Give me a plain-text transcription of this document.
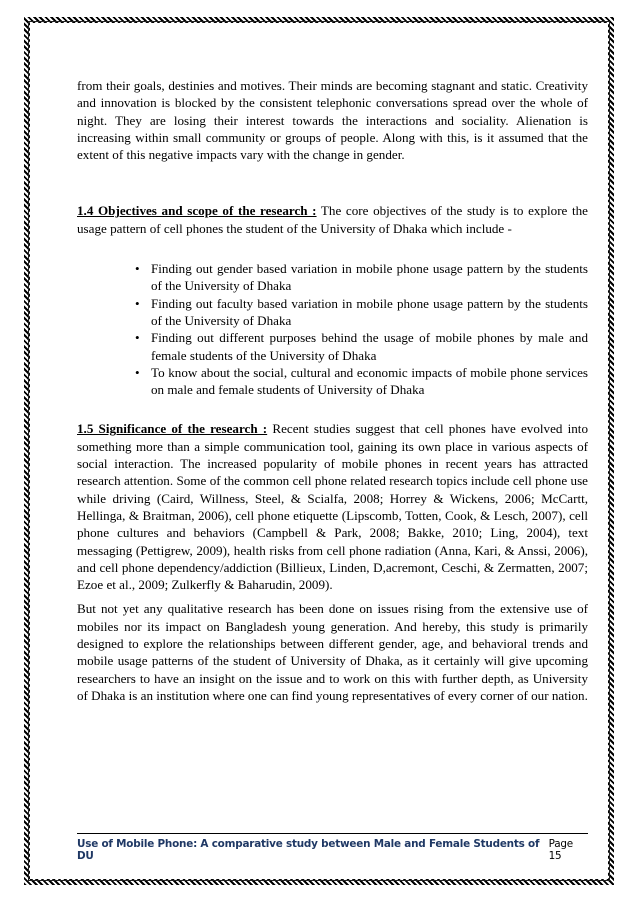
from their goals, destinies and motives. Their minds are becoming stagnant and static. Creativity and innovation is blocked by the consistent telephonic conversations spread over the whole of night. They are losing their interest towards the interactions and sociality. Alienation is increasing within small community or groups of people. Along with this, is it assumed that the extent of this negative impacts vary with the change in gender.

1.4 Objectives and scope of the research : The core objectives of the study is to explore the usage pattern of cell phones the student of the University of Dhaka which include -

• Finding out gender based variation in mobile phone usage pattern by the students of the University of Dhaka
• Finding out faculty based variation in mobile phone usage pattern by the students of the University of Dhaka
• Finding out different purposes behind the usage of mobile phones by male and female students of the University of Dhaka
• To know about the social, cultural and economic impacts of mobile phone services on male and female students of University of Dhaka

1.5 Significance of the research : Recent studies suggest that cell phones have evolved into something more than a simple communication tool, gaining its own place in various aspects of social interaction. The increased popularity of mobile phones in recent years has attracted research attention. Some of the common cell phone related research topics include cell phone use while driving (Caird, Willness, Steel, & Scialfa, 2008; Horrey & Wickens, 2006; McCartt, Hellinga, & Braitman, 2006), cell phone etiquette (Lipscomb, Totten, Cook, & Lesch, 2007), cell phone cultures and behaviors (Campbell & Park, 2008; Bakke, 2010; Ling, 2004), text messaging (Pettigrew, 2009), health risks from cell phone radiation (Anna, Kari, & Anssi, 2006), and cell phone dependency/addiction (Billieux, Linden, D,acremont, Ceschi, & Zermatten, 2007; Ezoe et al., 2009; Zulkerfly & Baharudin, 2009).

But not yet any qualitative research has been done on issues rising from the extensive use of mobiles nor its impact on Bangladesh young generation. And hereby, this study is primarily designed to explore the relationships between different gender, age, and behavioral trends and mobile usage patterns of the student of University of Dhaka, as it certainly will give upcoming researchers to have an insight on the issue and to work on this with further depth, as University of Dhaka is an institution where one can find young representatives of every corner of our nation.

Use of Mobile Phone: A comparative study between Male and Female Students of DU
Page 15
